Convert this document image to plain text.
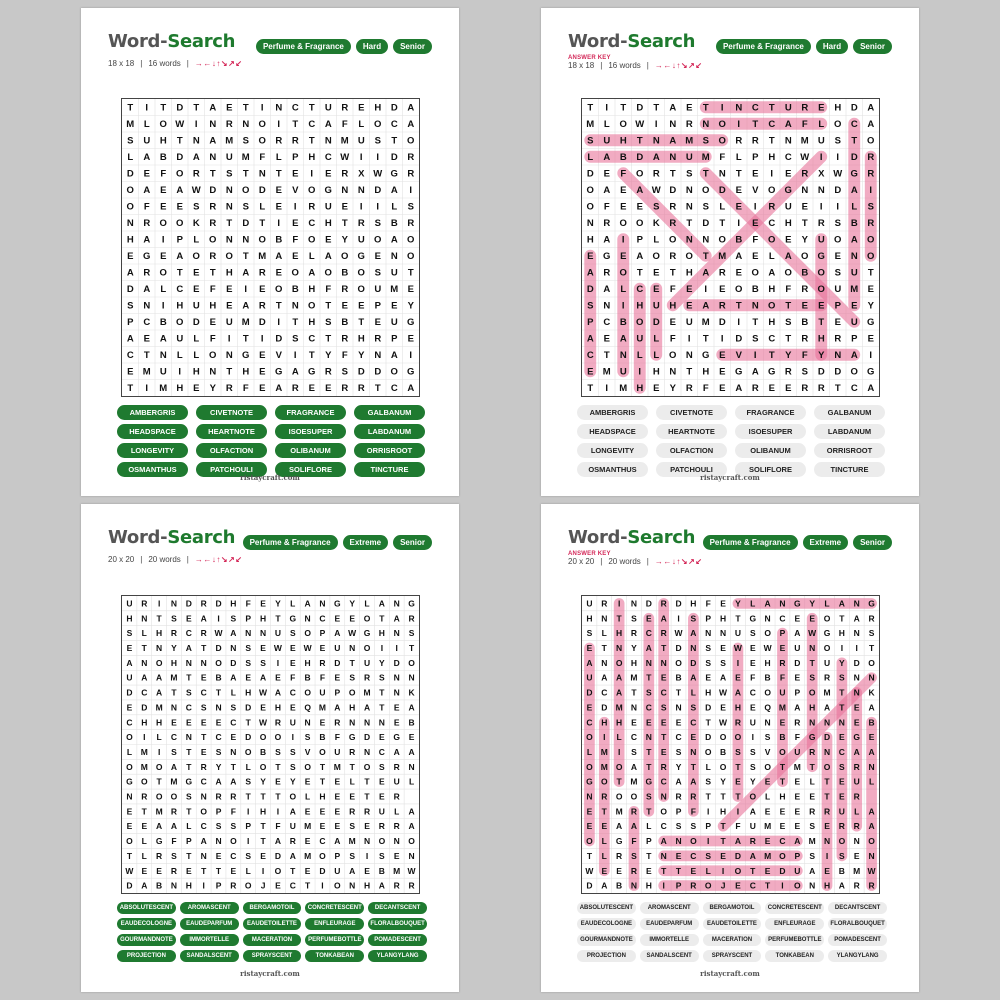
Word-Search	Perfume & Fragrance	Hard	Senior
18 x 18 | 16 words | →←↓↑↘↗↙
T I T D T A E T I N C T U R E H D A
M L O W I N R N O I T C A F L O C A
S U H T N A M S O R R T N M U S T O
L A B D A N U M F L P H C W I I D R
D E F O R T S T N T E I E R X W G R
O A E A W D N O D E V O G N N D A I
O F E E S R N S L E I R U E I I L S
N R O O K R T D T I E C H T R S B R
H A I P L O N N O B F O E Y U O A O
E G E A O R O T M A E L A O G E N O
A R O T E T H A R E O A O B O S U T
D A L C E F E I E O B H F R O U M E
S N I H U H E A R T N O T E E P E Y
P C B O D E U M D I T H S B T E U G
A E A U L F I T I D S C T R H R P E
C T N L L O N G E V I T Y F Y N A I
E M U I H N T H E G A G R S D D O G
T I M H E Y R F E A R E E R R T C A
AMBERGRIS	CIVETNOTE	FRAGRANCE	GALBANUM
HEADSPACE	HEARTNOTE	ISOESUPER	LABDANUM
LONGEVITY	OLFACTION	OLIBANUM	ORRISROOT
OSMANTHUS	PATCHOULI	SOLIFLORE	TINCTURE
ristaycraft.com
Word-Search	Perfume & Fragrance	Hard	Senior
ANSWER KEY
18 x 18 | 16 words | →←↓↑↘↗↙
T I T D T A E T I N C T U R E H D A
M L O W I N R N O I T C A F L O C A
S U H T N A M S O R R T N M U S T O
L A B D A N U M F L P H C W I I D R
D E F O R T S T N T E I E R X W G R
O A E A W D N O D E V O G N N D A I
O F E E S R N S L E I R U E I I L S
N R O O K R T D T I E C H T R S B R
H A I P L O N N O B F O E Y U O A O
E G E A O R O T M A E L A O G E N O
A R O T E T H A R E O A O B O S U T
D A L C E F E I E O B H F R O U M E
S N I H U H E A R T N O T E E P E Y
P C B O D E U M D I T H S B T E U G
A E A U L F I T I D S C T R H R P E
C T N L L O N G E V I T Y F Y N A I
E M U I H N T H E G A G R S D D O G
T I M H E Y R F E A R E E R R T C A
AMBERGRIS	CIVETNOTE	FRAGRANCE	GALBANUM
HEADSPACE	HEARTNOTE	ISOESUPER	LABDANUM
LONGEVITY	OLFACTION	OLIBANUM	ORRISROOT
OSMANTHUS	PATCHOULI	SOLIFLORE	TINCTURE
ristaycraft.com
Word-Search	Perfume & Fragrance	Extreme	Senior
20 x 20 | 20 words | →←↓↑↘↗↙
U R I N D R D H F E Y L A N G Y L A N G
H N T S E A I S P H T G N C E E O T A R
S L H R C R W A N N U S O P A W G H N S
E T N Y A T D N S E W E W E U N O I I T
A N O H N N O D S S I E H R D T U Y D O
U A A M T E B A E A E F B F E S R S N N
D C A T S C T L H W A C O U P O M T N K
E D M N C S N S D E H E Q M A H A T E A
C H H E E E E C T W R U N E R N N N E B
O I L C N T C E D O O I S B F G D E G E
L M I S T E S N O B S S V O U R N C A A
O M O A T R Y T L O T S O T M T O S R N
G O T M G C A A S Y E Y E T E L T E U L
N R O O S N R R T T T O L H E E T E R
E T M R T O P F I H I A E E E R R U L A
E E A A L C S S P T F U M E E S E R R A
O L G F P A N O I T A R E C A M N O N O
T L R S T N E C S E D A M O P S I S E N
W E E R E T T E L I O T E D U A E B M W
D A B N H I P R O J E C T I O N H A R R
ABSOLUTESCENT	AROMASCENT	BERGAMOTOIL	CONCRETESCENT	DECANTSCENT
EAUDECOLOGNE	EAUDEPARFUM	EAUDETOILETTE	ENFLEURAGE	FLORALBOUQUET
GOURMANDNOTE	IMMORTELLE	MACERATION	PERFUMEBOTTLE	POMADESCENT
PROJECTION	SANDALSCENT	SPRAYSCENT	TONKABEAN	YLANGYLANG
ristaycraft.com
Word-Search	Perfume & Fragrance	Extreme	Senior
ANSWER KEY
20 x 20 | 20 words | →←↓↑↘↗↙
U R I N D R D H F E Y L A N G Y L A N G
H N T S E A I S P H T G N C E E O T A R
S L H R C R W A N N U S O P A W G H N S
E T N Y A T D N S E W E W E U N O I I T
A N O H N N O D S S I E H R D T U Y D O
U A A M T E B A E A E F B F E S R S N N
D C A T S C T L H W A C O U P O M T N K
E D M N C S N S D E H E Q M A H A T E A
C H H E E E E C T W R U N E R N N N E B
O I L C N T C E D O O I S B F G D E G E
L M I S T E S N O B S S V O U R N C A A
O M O A T R Y T L O T S O T M T O S R N
G O T M G C A A S Y E Y E T E L T E U L
N R O O S N R R T T T O L H E E T E R
E T M R T O P F I H I A E E E R R U L A
E E A A L C S S P T F U M E E S E R R A
O L G F P A N O I T A R E C A M N O N O
T L R S T N E C S E D A M O P S I S E N
W E E R E T T E L I O T E D U A E B M W
D A B N H I P R O J E C T I O N H A R R
ABSOLUTESCENT	AROMASCENT	BERGAMOTOIL	CONCRETESCENT	DECANTSCENT
EAUDECOLOGNE	EAUDEPARFUM	EAUDETOILETTE	ENFLEURAGE	FLORALBOUQUET
GOURMANDNOTE	IMMORTELLE	MACERATION	PERFUMEBOTTLE	POMADESCENT
PROJECTION	SANDALSCENT	SPRAYSCENT	TONKABEAN	YLANGYLANG
ristaycraft.com
